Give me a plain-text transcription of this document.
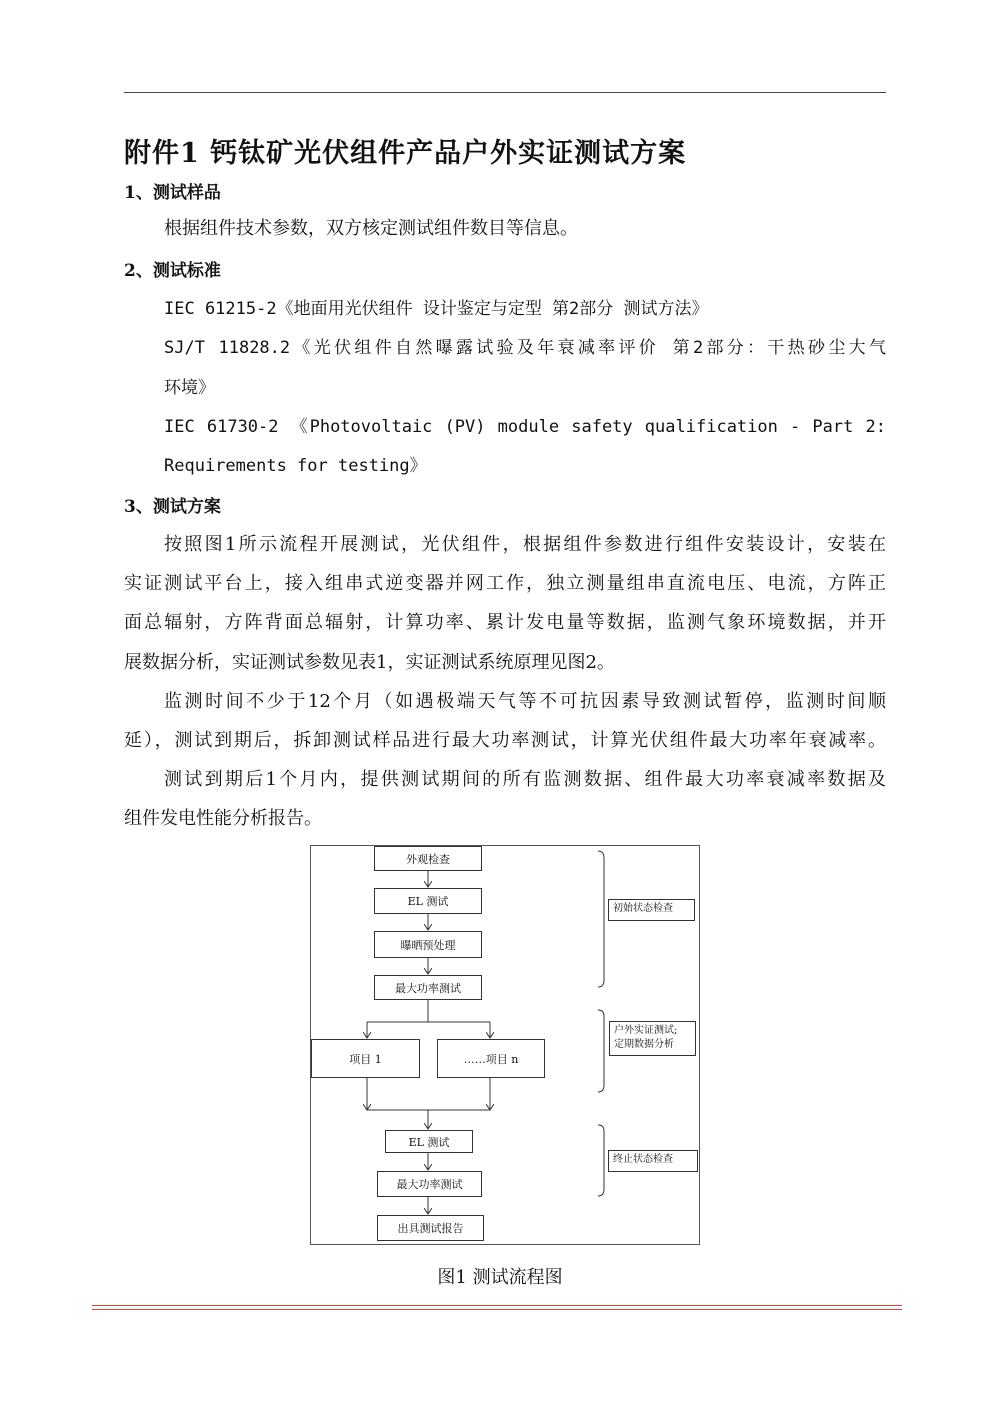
附件1 钙钛矿光伏组件产品户外实证测试方案
1、测试样品
根据组件技术参数，双方核定测试组件数目等信息。
2、测试标准
IEC 61215-2《地面用光伏组件 设计鉴定与定型 第2部分 测试方法》
SJ/T 11828.2《光伏组件自然曝露试验及年衰减率评价 第2部分：干热砂尘大气
环境》
IEC 61730-2 《Photovoltaic (PV) module safety qualification - Part 2:
Requirements for testing》
3、测试方案
按照图1所示流程开展测试，光伏组件，根据组件参数进行组件安装设计，安装在
实证测试平台上，接入组串式逆变器并网工作，独立测量组串直流电压、电流，方阵正
面总辐射，方阵背面总辐射，计算功率、累计发电量等数据，监测气象环境数据，并开
展数据分析，实证测试参数见表1，实证测试系统原理见图2。
监测时间不少于12个月（如遇极端天气等不可抗因素导致测试暂停，监测时间顺
延），测试到期后，拆卸测试样品进行最大功率测试，计算光伏组件最大功率年衰减率。
测试到期后1个月内，提供测试期间的所有监测数据、组件最大功率衰减率数据及
组件发电性能分析报告。
外观检查
EL 测试
曝晒预处理
最大功率测试
项目 1	……项目 n
EL 测试
最大功率测试
出具测试报告
初始状态检查
户外实证测试;
定期数据分析
终止状态检查
图1 测试流程图
